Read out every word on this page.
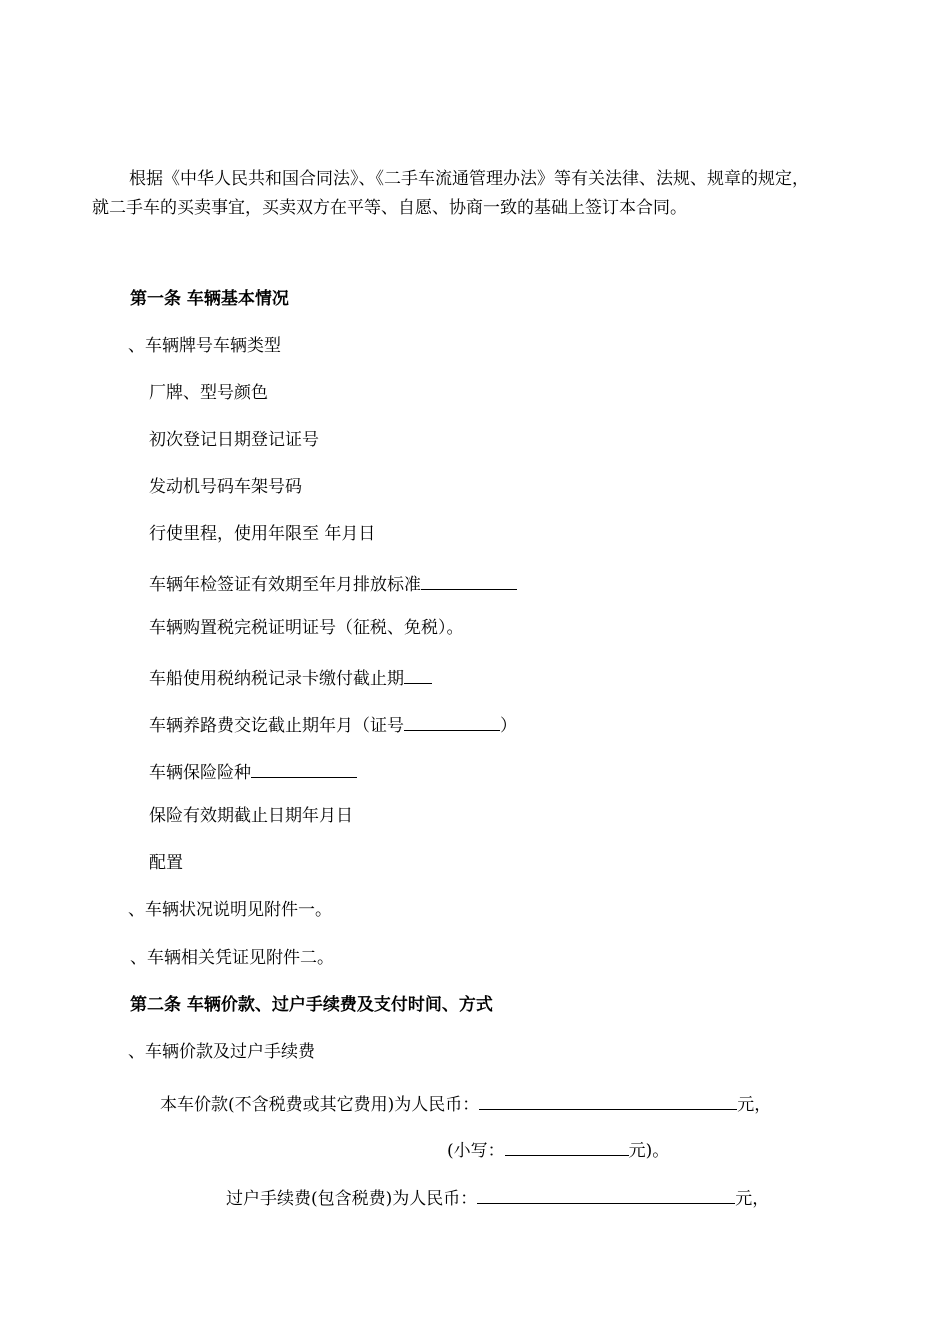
根据《中华人民共和国合同法》、《二手车流通管理办法》等有关法律、法规、规章的规定，
就二手车的买卖事宜，买卖双方在平等、自愿、协商一致的基础上签订本合同。
第一条 车辆基本情况
、车辆牌号车辆类型
厂牌、型号颜色
初次登记日期登记证号
发动机号码车架号码
行使里程，使用年限至 年月日
车辆年检签证有效期至年月排放标准
车辆购置税完税证明证号（征税、免税）。
车船使用税纳税记录卡缴付截止期
车辆养路费交讫截止期年月（证号	）
车辆保险险种
保险有效期截止日期年月日
配置
、车辆状况说明见附件一。
、车辆相关凭证见附件二。
第二条 车辆价款、过户手续费及支付时间、方式
、车辆价款及过户手续费
本车价款(不含税费或其它费用)为人民币：	元，
(小写：	元)。
过户手续费(包含税费)为人民币：	元，
